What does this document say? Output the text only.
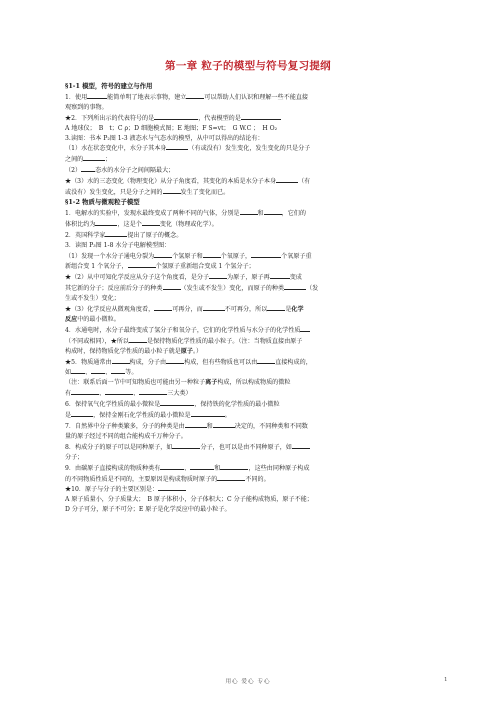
第一章 粒子的模型与符号复习提纲

§1-1 模型，符号的建立与作用

1．使用	能简单明了地表示事物，建立	可以帮助人们认识和理解一些不能直接

观察到的事物。

★2．下列所出示的代表符号的是	，代表模型的是

A 地球仪；　B　t；C ρ；D 细胞模式图；E 地图；F S=vt；　G W.C ；　H O₂

3.读图：书本 P₂图 1-3 液态水与气态水的模型，从中可以得出的结论有：

（1）水在状态变化中，水分子其本身	（有或没有）发生变化，发生变化的只是分子

之间的	；

（2） 态水的水分子之间间隔最大；

★（3）水的三态变化（物理变化）从分子角度看，其变化的本质是水分子本身	（有

或没有）发生变化，只是分子之间的	发生了变化而已。

§1-2 物质与微观粒子模型

1．电解水的实验中，发现水最终变成了两种不同的气体，分别是	和	，它们的

体积比约为	，这是个	变化（物理或化学）。

2．英国科学家	提出了原子的概念。

3．读图 P₃图 1-8 水分子电解模型图：

（1）发现一个水分子通电分裂为	个氢原子和	个氧原子，	个氧原子重

新组合变 1 个氧分子，	个氢原子重新组合变成 1 个氢分子；

★（2）从中可知化学反应从分子这个角度看，是分子	为原子，原子再	变成

其它新的分子；反应前后分子的种类	（发生或不发生）变化，而原子的种类	（发

生或不发生）变化；

★（3）化学反应从微观角度看，	可再分，而	不可再分，所以	是化学

反应中的最小微粒。

4．水通电时，水分子最终变成了氢分子和氧分子，它们的化学性质与水分子的化学性质

（不同或相同），★所以	是保持物质化学性质的最小粒子。（注：当物质直接由原子

构成时，保持物质化学性质的最小粒子就是原子。）

★5．物质通常由	构成，分子由	构成，但有些物质也可以由	直接构成的，

如 、 、 等。

（注：联系后面一节中可知物质也可能由另一种粒子离子构成，所以构成物质的微粒

有	、	、	三大类）

6．保持氧气化学性质的最小微粒是	，保持铁的化学性质的最小微粒

是	，保持金刚石化学性质的最小微粒是	。

7．自然界中分子种类繁多，分子的种类是由	和	决定的，不同种类和不同数

量的原子经过不同的组合能构成千万种分子。

8．构成分子的原子可以是同种原子，如	分子，也可以是由不同种原子，如

分子；

9．由碳原子直接构成的物质种类有	、	和	，这些由同种原子构成

的不同物质性质是不同的，主要原因是构成物质时原子的	不同的。

★10．原子与分子的主要区别是：

A 原子质量小，分子质量大；　B 原子体积小，分子体积大；C 分子能构成物质，原子不能；

D 分子可分，原子不可分；E 原子是化学反应中的最小粒子。

用心 爱心 专心	1
